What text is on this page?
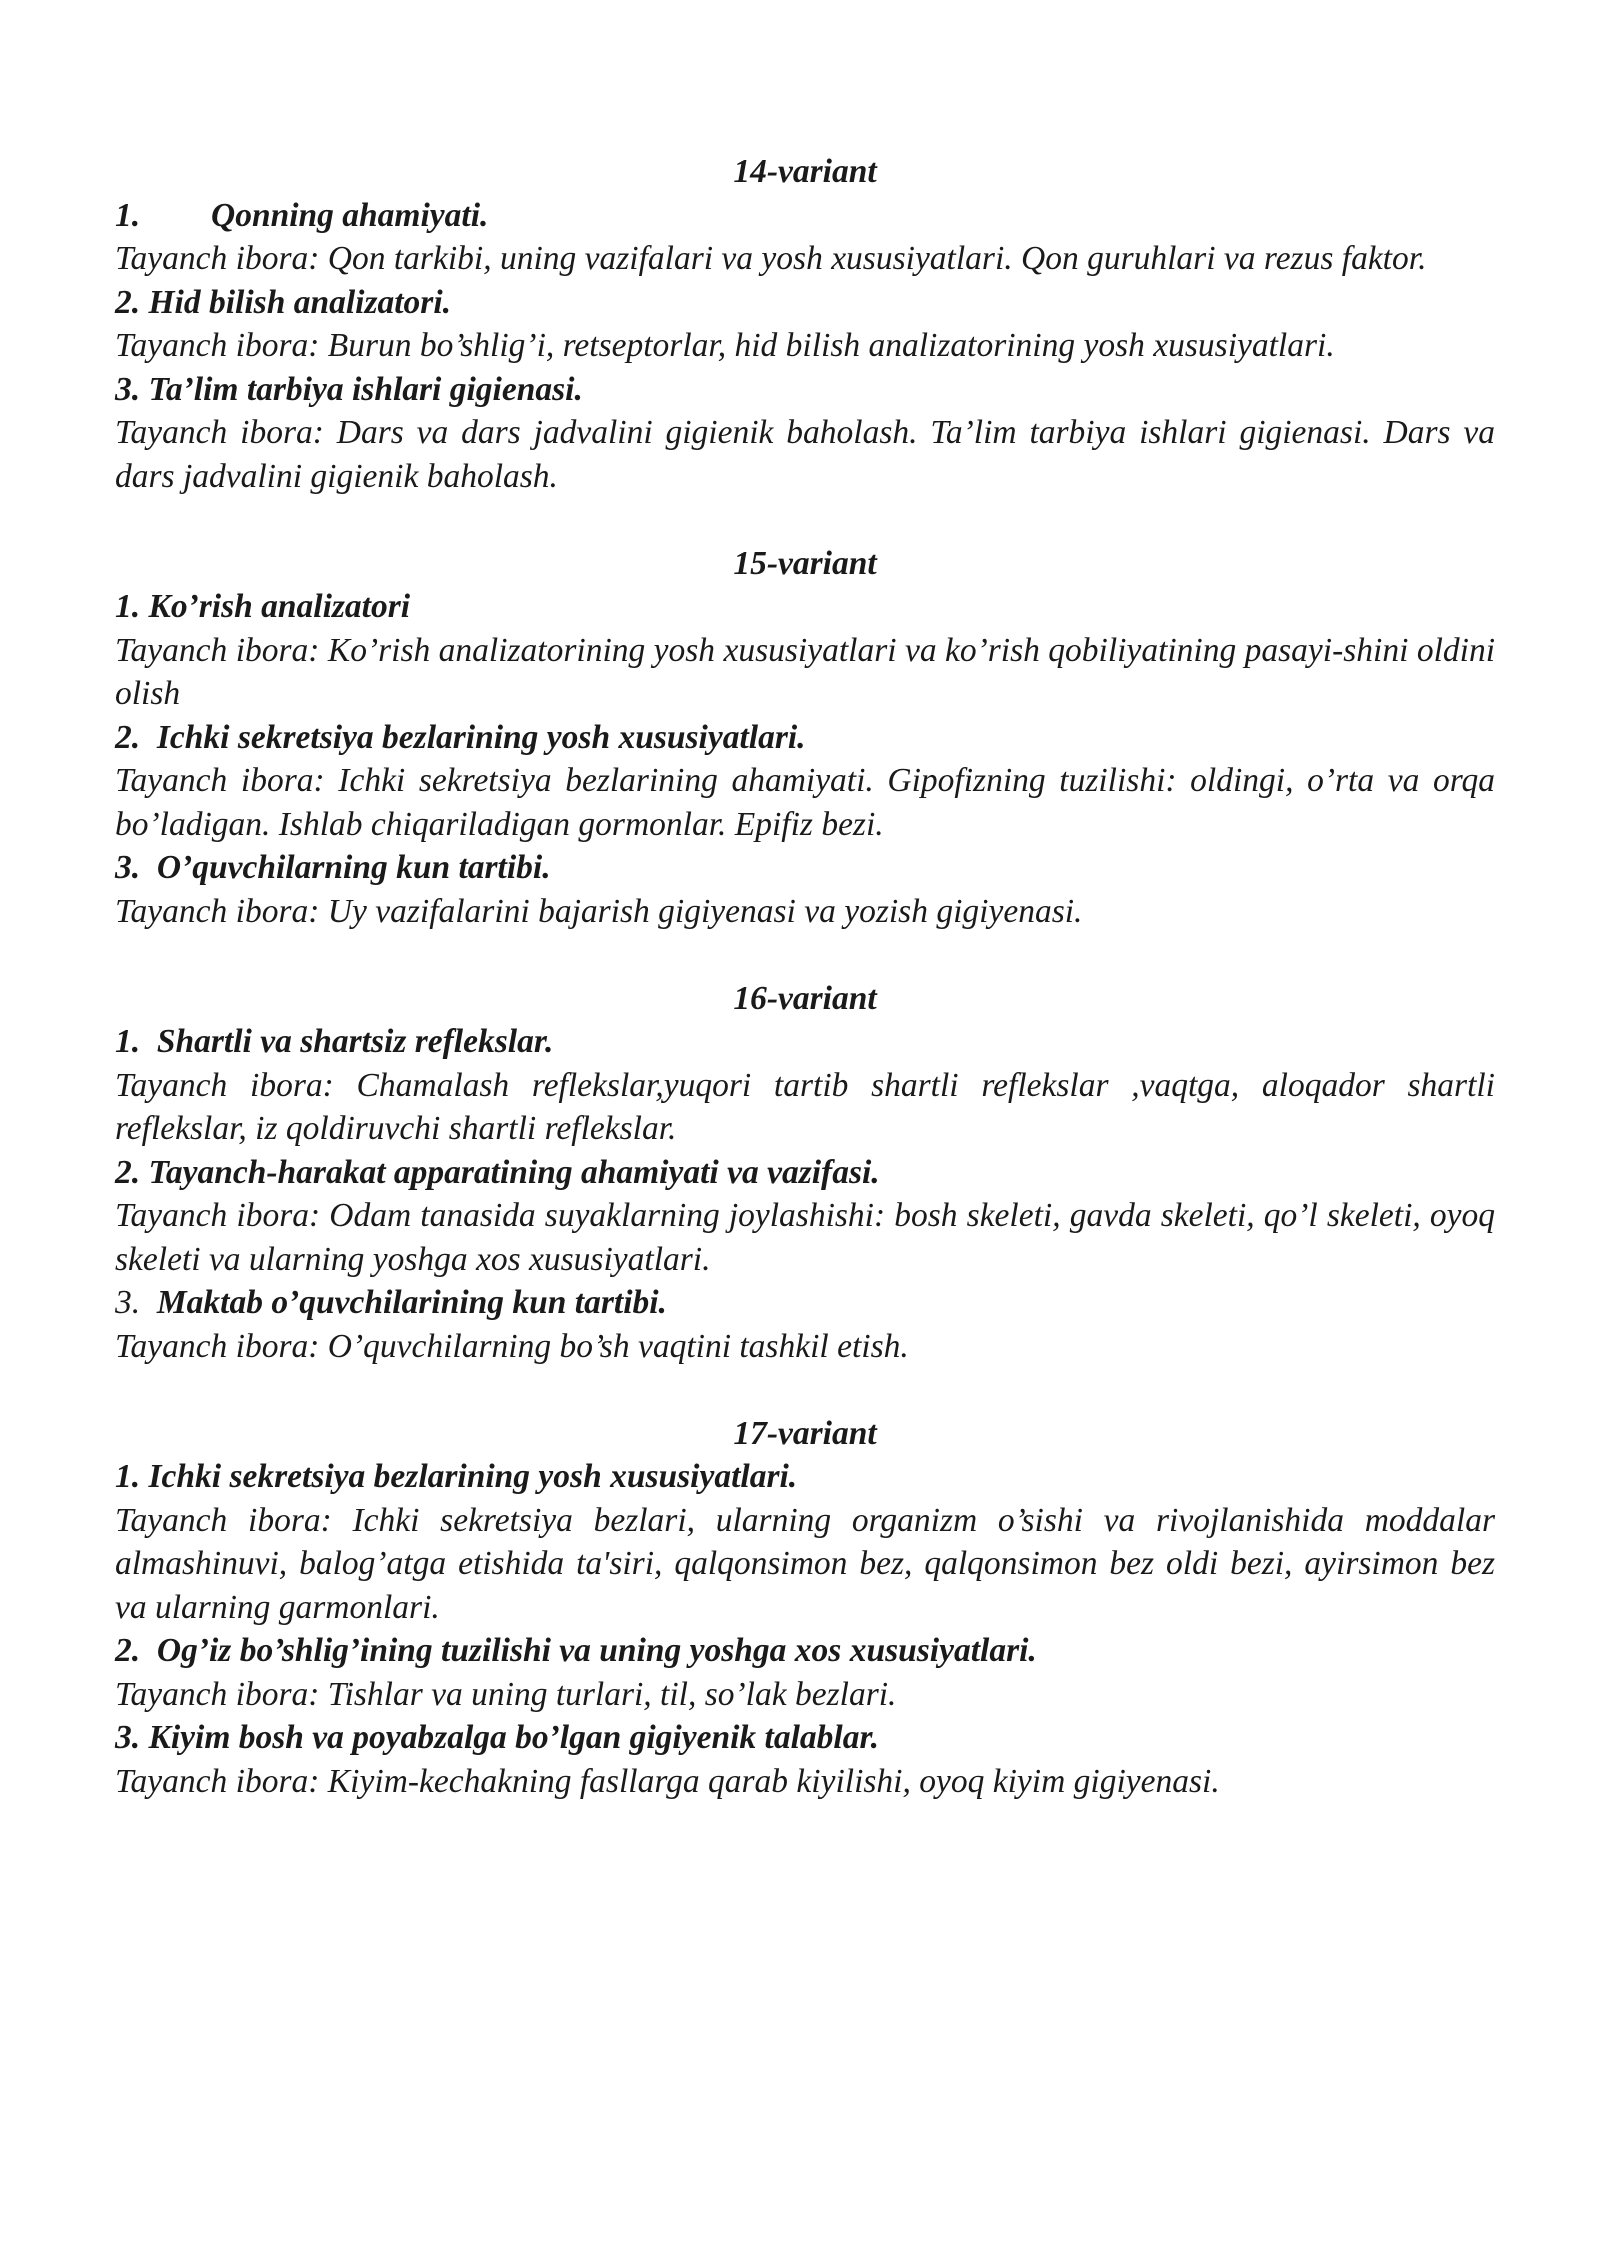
14-variant

1. Qonning ahamiyati.

Tayanch ibora: Qon tarkibi, uning vazifalari va yosh xususiyatlari. Qon guruhlari va rezus faktor.

2. Hid bilish analizatori.

Tayanch ibora: Burun bo’shlig’i, retseptorlar, hid bilish analizatorining yosh xususiyatlari.

3. Ta’lim tarbiya ishlari gigienasi.

Tayanch ibora: Dars va dars jadvalini gigienik baholash. Ta’lim tarbiya ishlari gigienasi. Dars va dars jadvalini gigienik baholash.

15-variant

1. Ko’rish analizatori

Tayanch ibora: Ko’rish analizatorining yosh xususiyatlari va ko’rish qobiliyatining pasayi-shini oldini olish

2. Ichki sekretsiya bezlarining yosh xususiyatlari.

Tayanch ibora: Ichki sekretsiya bezlarining ahamiyati. Gipofizning tuzilishi: oldingi, o’rta va orqa bo’ladigan. Ishlab chiqariladigan gormonlar. Epifiz bezi.

3. O’quvchilarning kun tartibi.

Tayanch ibora: Uy vazifalarini bajarish gigiyenasi va yozish gigiyenasi.

16-variant

1. Shartli va shartsiz reflekslar.

Tayanch ibora: Chamalash reflekslar,yuqori tartib shartli reflekslar ,vaqtga, aloqador shartli reflekslar, iz qoldiruvchi shartli reflekslar.

2. Tayanch-harakat apparatining ahamiyati va vazifasi.

Tayanch ibora: Odam tanasida suyaklarning joylashishi: bosh skeleti, gavda skeleti, qo’l skeleti, oyoq skeleti va ularning yoshga xos xususiyatlari.

3. Maktab o’quvchilarining kun tartibi.

Tayanch ibora: O’quvchilarning bo’sh vaqtini tashkil etish.

17-variant

1. Ichki sekretsiya bezlarining yosh xususiyatlari.

Tayanch ibora: Ichki sekretsiya bezlari, ularning organizm o’sishi va rivojlanishida moddalar almashinuvi, balog’atga etishida ta'siri, qalqonsimon bez, qalqonsimon bez oldi bezi, ayirsimon bez va ularning garmonlari.

2. Og’iz bo’shlig’ining tuzilishi va uning yoshga xos xususiyatlari.

Tayanch ibora: Tishlar va uning turlari, til, so’lak bezlari.

3. Kiyim bosh va poyabzalga bo’lgan gigiyenik talablar.

Tayanch ibora: Kiyim-kechakning fasllarga qarab kiyilishi, oyoq kiyim gigiyenasi.
